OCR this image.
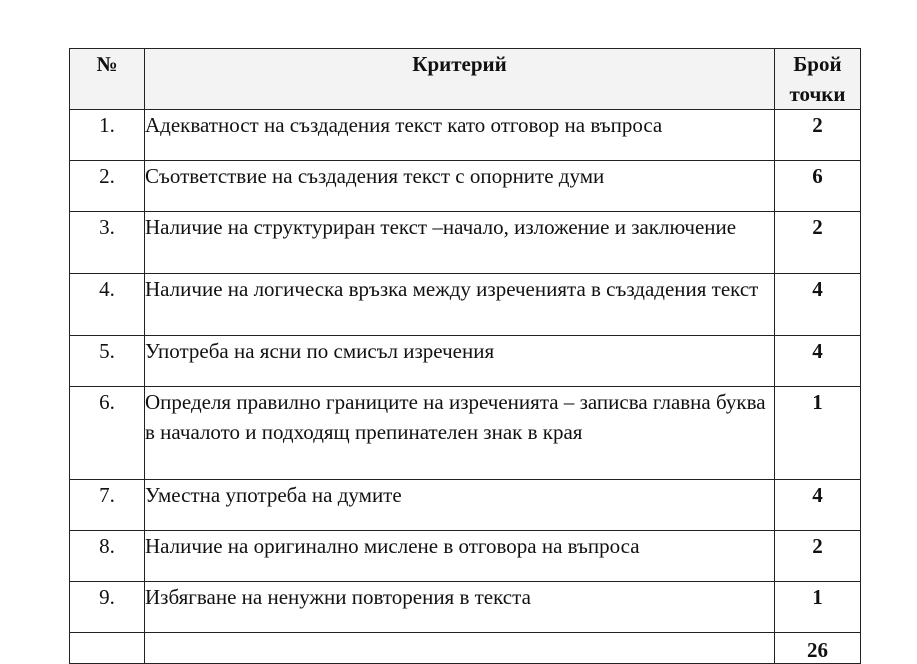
№	Критерий	Брой
точки
1.	Адекватност на създадения текст като отговор на въпроса	2
2.	Съответствие на създадения текст с опорните думи	6
3.	Наличие на структуриран текст –начало, изложение и заключение	2
4.	Наличие на логическа връзка между изреченията в създадения текст	4
5.	Употреба на ясни по смисъл изречения	4
6.	Определя правилно границите на изреченията – записва главна буква в началото и подходящ препинателен знак в края	1
7.	Уместна употреба на думите	4
8.	Наличие на оригинално мислене в отговора на въпроса	2
9.	Избягване на ненужни повторения в текста	1
		26
